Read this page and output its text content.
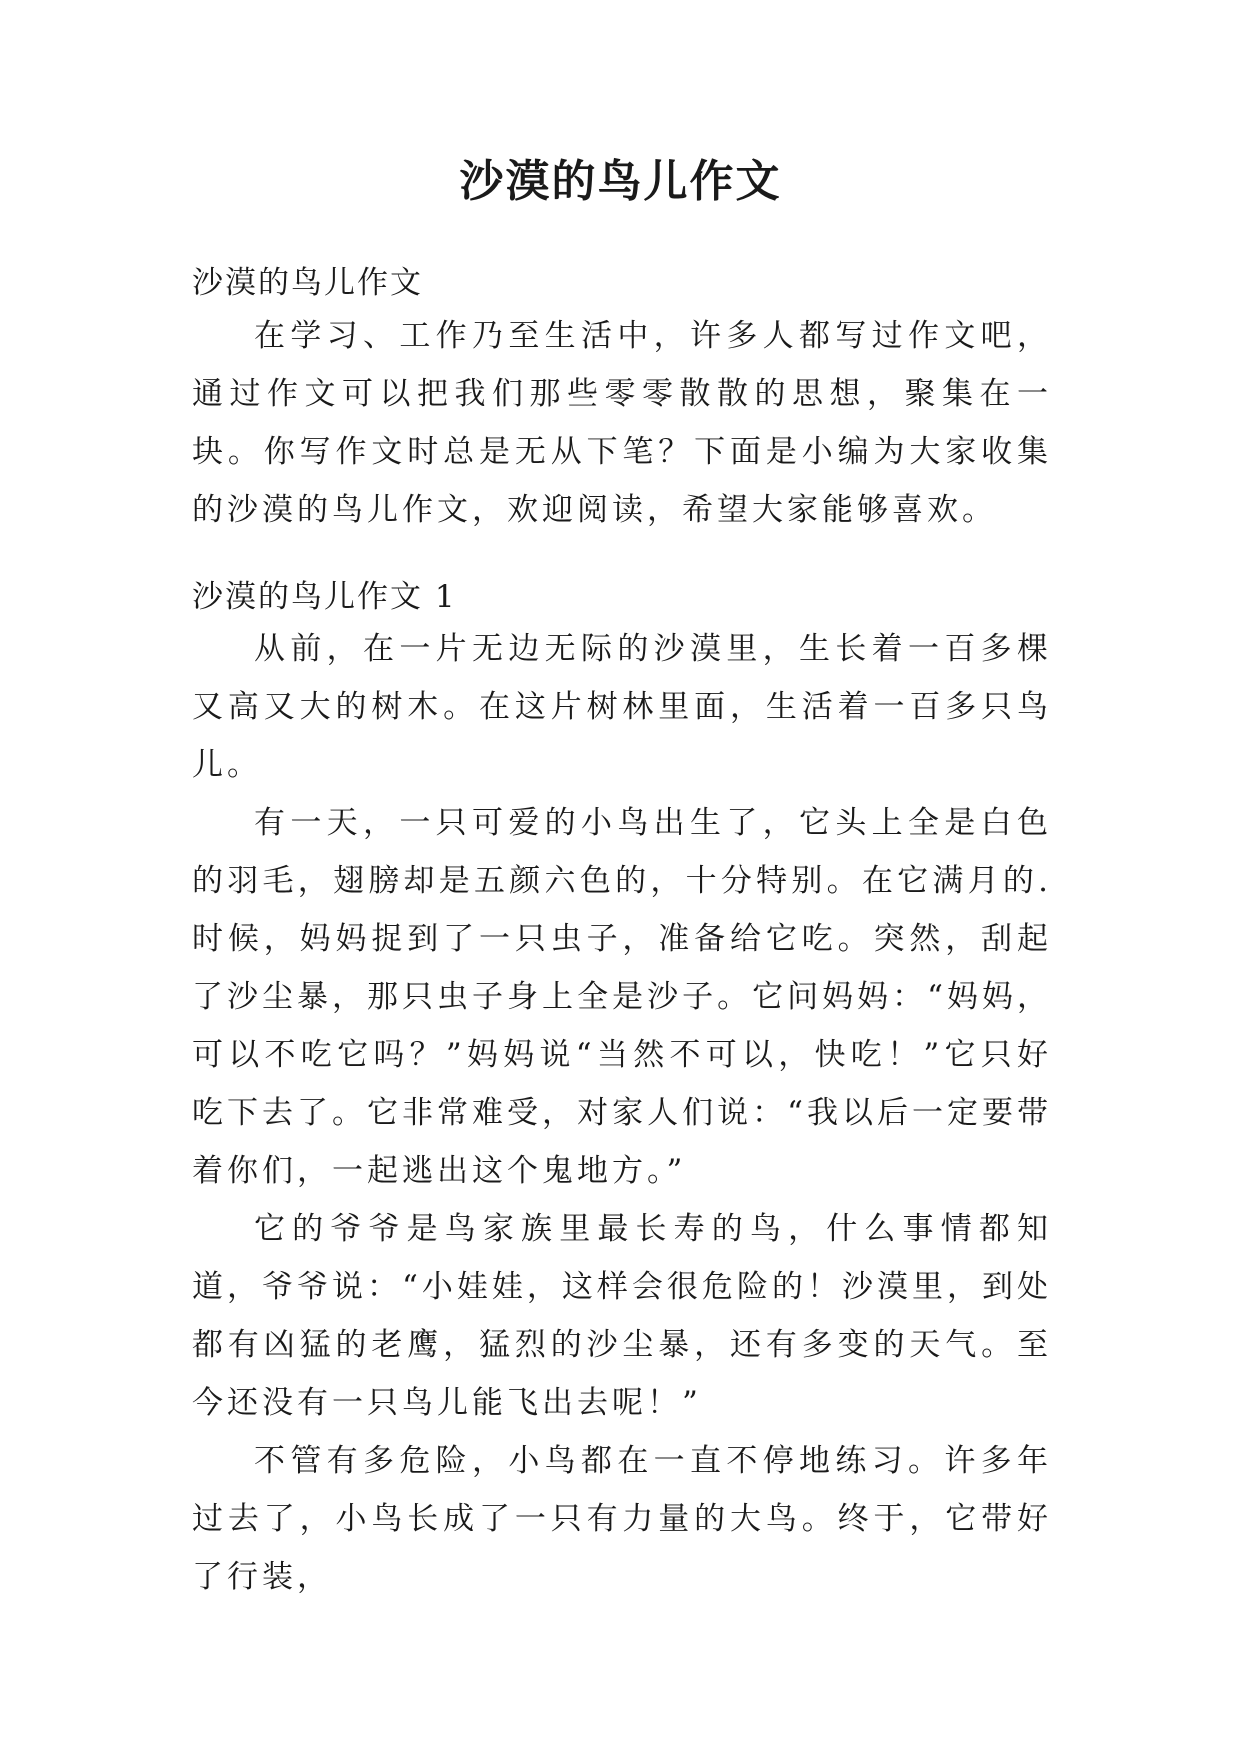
沙漠的鸟儿作文
沙漠的鸟儿作文

在学习、工作乃至生活中，许多人都写过作文吧，通过作文可以把我们那些零零散散的思想，聚集在一块。你写作文时总是无从下笔？下面是小编为大家收集的沙漠的鸟儿作文，欢迎阅读，希望大家能够喜欢。

沙漠的鸟儿作文 1

从前，在一片无边无际的沙漠里，生长着一百多棵又高又大的树木。在这片树林里面，生活着一百多只鸟儿。

有一天，一只可爱的小鸟出生了，它头上全是白色的羽毛，翅膀却是五颜六色的，十分特别。在它满月的.时候，妈妈捉到了一只虫子，准备给它吃。突然，刮起了沙尘暴，那只虫子身上全是沙子。它问妈妈：“妈妈，可以不吃它吗？”妈妈说“当然不可以，快吃！”它只好吃下去了。它非常难受，对家人们说：“我以后一定要带着你们，一起逃出这个鬼地方。”

它的爷爷是鸟家族里最长寿的鸟，什么事情都知道，爷爷说：“小娃娃，这样会很危险的！沙漠里，到处都有凶猛的老鹰，猛烈的沙尘暴，还有多变的天气。至今还没有一只鸟儿能飞出去呢！”

不管有多危险，小鸟都在一直不停地练习。许多年过去了，小鸟长成了一只有力量的大鸟。终于，它带好了行装，
